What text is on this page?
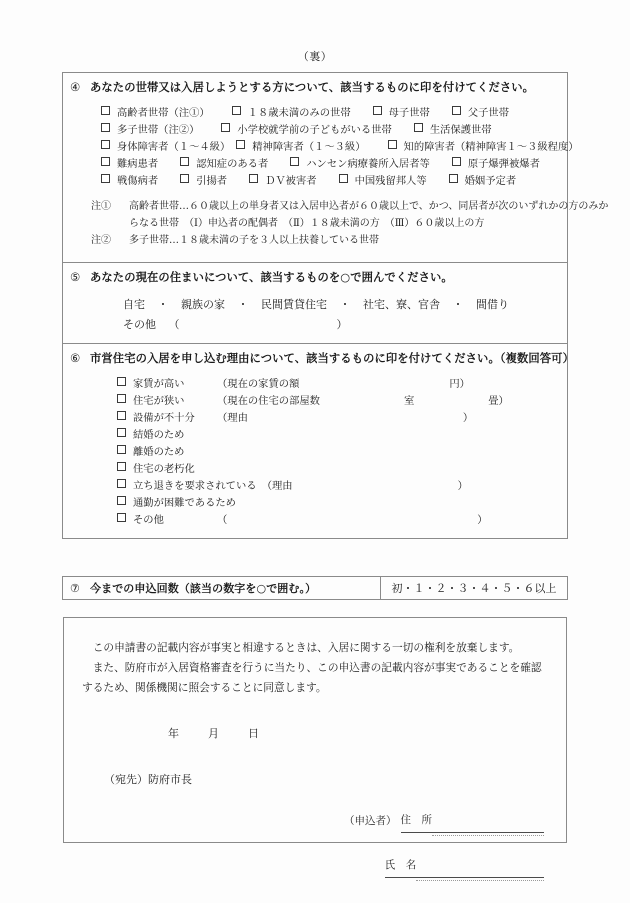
（裏）
④ あなたの世帯又は入居しようとする方について、該当するものに印を付けてください。
高齢者世帯（注①）	１８歳未満のみの世帯	母子世帯	父子世帯
多子世帯（注②）	小学校就学前の子どもがいる世帯	生活保護世帯
身体障害者（１～４級） 精神障害者（１～３級）	知的障害者（精神障害１～３級程度）
難病患者	認知症のある者	ハンセン病療養所入居者等	原子爆弾被爆者
戦傷病者	引揚者	ＤＶ被害者	中国残留邦人等	婚姻予定者
注①	高齢者世帯…６０歳以上の単身者又は入居申込者が６０歳以上で、かつ、同居者が次のいずれかの方のみか
らなる世帯　（Ⅰ）申込者の配偶者　（Ⅱ）１８歳未満の方　（Ⅲ）６０歳以上の方
注②	多子世帯…１８歳未満の子を３人以上扶養している世帯
⑤ あなたの現在の住まいについて、該当するものを○で囲んでください。
自宅 ・ 親族の家 ・ 民間賃貸住宅 ・ 社宅、寮、官舎 ・ 間借り
その他 （	）
⑥ 市営住宅の入居を申し込む理由について、該当するものに印を付けてください。（複数回答可）
家賃が高い	（現在の家賃の額	円）
住宅が狭い	（現在の住宅の部屋数	室	畳）
設備が不十分	（理由	）
結婚のため
離婚のため
住宅の老朽化
立ち退きを要求されている （理由	）
通勤が困難であるため
その他	（	）
⑦ 今までの申込回数（該当の数字を○で囲む。）	初・１・２・３・４・５・６以上
この申請書の記載内容が事実と相違するときは、入居に関する一切の権利を放棄します。
また、防府市が入居資格審査を行うに当たり、この申込書の記載内容が事実であることを確認
するため、関係機関に照会することに同意します。
年	月	日
（宛先）防府市長
（申込者） 住　所

氏　名
